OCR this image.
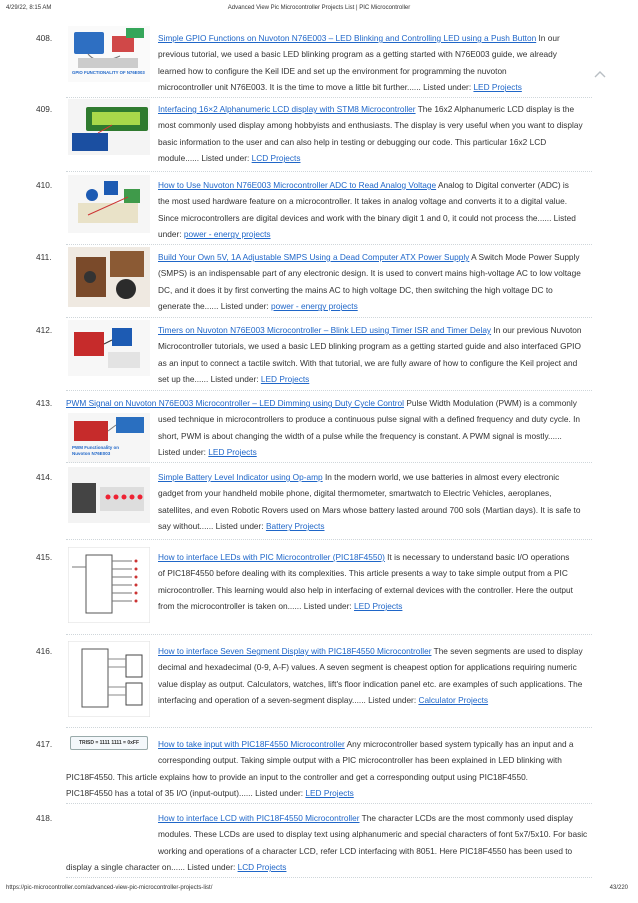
4/29/22, 8:15 AM	Advanced View Pic Microcontroller Projects List | PIC Microcontroller
408.
GPIO FUNCTIONALITY OF N76E003
Simple GPIO Functions on Nuvoton N76E003 – LED Blinking and Controlling LED using a Push Button In our
previous tutorial, we used a basic LED blinking program as a getting started with N76E003 guide, we already
learned how to configure the Keil IDE and set up the environment for programming the nuvoton
microcontroller unit N76E003. It is the time to move a little bit further...... Listed under: LED Projects
409.	Interfacing 16×2 Alphanumeric LCD display with STM8 Microcontroller The 16x2 Alphanumeric LCD display is the
most commonly used display among hobbyists and enthusiasts. The display is very useful when you want to display
basic information to the user and can also help in testing or debugging our code. This particular 16x2 LCD
module...... Listed under: LCD Projects
410.	How to Use Nuvoton N76E003 Microcontroller ADC to Read Analog Voltage Analog to Digital converter (ADC) is
the most used hardware feature on a microcontroller. It takes in analog voltage and converts it to a digital value.
Since microcontrollers are digital devices and work with the binary digit 1 and 0, it could not process the...... Listed
under: power - energy projects
411.	Build Your Own 5V, 1A Adjustable SMPS Using a Dead Computer ATX Power Supply A Switch Mode Power Supply
(SMPS) is an indispensable part of any electronic design. It is used to convert mains high-voltage AC to low voltage
DC, and it does it by first converting the mains AC to high voltage DC, then switching the high voltage DC to
generate the...... Listed under: power - energy projects
412.	Timers on Nuvoton N76E003 Microcontroller – Blink LED using Timer ISR and Timer Delay In our previous Nuvoton
Microcontroller tutorials, we used a basic LED blinking program as a getting started guide and also interfaced GPIO
as an input to connect a tactile switch. With that tutorial, we are fully aware of how to configure the Keil project and
set up the...... Listed under: LED Projects
413. PWM Signal on Nuvoton N76E003 Microcontroller – LED Dimming using Duty Cycle Control Pulse Width Modulation (PWM) is a commonly
PWM Functionality on Nuvoton N76E003
used technique in microcontrollers to produce a continuous pulse signal with a defined frequency and duty cycle. In
short, PWM is about changing the width of a pulse while the frequency is constant. A PWM signal is mostly......
Listed under: LED Projects
414.	Simple Battery Level Indicator using Op-amp In the modern world, we use batteries in almost every electronic
gadget from your handheld mobile phone, digital thermometer, smartwatch to Electric Vehicles, aeroplanes,
satellites, and even Robotic Rovers used on Mars whose battery lasted around 700 sols (Martian days). It is safe to
say without...... Listed under: Battery Projects
415.	How to interface LEDs with PIC Microcontroller (PIC18F4550) It is necessary to understand basic I/O operations
of PIC18F4550 before dealing with its complexities. This article presents a way to take simple output from a PIC
microcontroller. This learning would also help in interfacing of external devices with the controller. Here the output
from the microcontroller is taken on...... Listed under: LED Projects
416.	How to interface Seven Segment Display with PIC18F4550 Microcontroller The seven segments are used to display
decimal and hexadecimal (0-9, A-F) values. A seven segment is cheapest option for applications requiring numeric
value display as output. Calculators, watches, lift's floor indication panel etc. are examples of such applications. The
interfacing and operation of a seven-segment display...... Listed under: Calculator Projects
417.	TRISD = 1111 1111 = 0xFF	How to take input with PIC18F4550 Microcontroller Any microcontroller based system typically has an input and a
corresponding output. Taking simple output with a PIC microcontroller has been explained in LED blinking with
PIC18F4550. This article explains how to provide an input to the controller and get a corresponding output using PIC18F4550.
PIC18F4550 has a total of 35 I/O (input-output)...... Listed under: LED Projects
418.	How to interface LCD with PIC18F4550 Microcontroller The character LCDs are the most commonly used display
modules. These LCDs are used to display text using alphanumeric and special characters of font 5x7/5x10. For basic
working and operations of a character LCD, refer LCD interfacing with 8051. Here PIC18F4550 has been used to
display a single character on...... Listed under: LCD Projects
https://pic-microcontroller.com/advanced-view-pic-microcontroller-projects-list/	43/220
